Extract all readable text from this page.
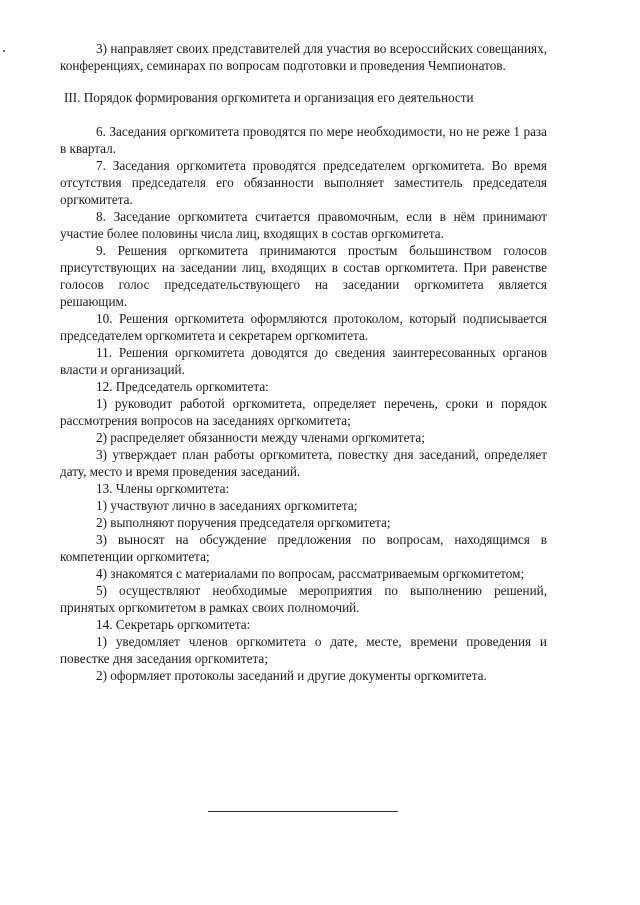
3) направляет своих представителей для участия во всероссийских совещаниях, конференциях, семинарах по вопросам подготовки и проведения Чемпионатов.

III. Порядок формирования оргкомитета и организация его деятельности

6. Заседания оргкомитета проводятся по мере необходимости, но не реже 1 раза в квартал.

7. Заседания оргкомитета проводятся председателем оргкомитета. Во время отсутствия председателя его обязанности выполняет заместитель председателя оргкомитета.

8. Заседание оргкомитета считается правомочным, если в нём принимают участие более половины числа лиц, входящих в состав оргкомитета.

9. Решения оргкомитета принимаются простым большинством голосов присутствующих на заседании лиц, входящих в состав оргкомитета. При равенстве голосов голос председательствующего на заседании оргкомитета является решающим.

10. Решения оргкомитета оформляются протоколом, который подписывается председателем оргкомитета и секретарем оргкомитета.

11. Решения оргкомитета доводятся до сведения заинтересованных органов власти и организаций.

12. Председатель оргкомитета:

1) руководит работой оргкомитета, определяет перечень, сроки и порядок рассмотрения вопросов на заседаниях оргкомитета;

2) распределяет обязанности между членами оргкомитета;

3) утверждает план работы оргкомитета, повестку дня заседаний, определяет дату, место и время проведения заседаний.

13. Члены оргкомитета:

1) участвуют лично в заседаниях оргкомитета;

2) выполняют поручения председателя оргкомитета;

3) выносят на обсуждение предложения по вопросам, находящимся в компетенции оргкомитета;

4) знакомятся с материалами по вопросам, рассматриваемым оргкомитетом;

5) осуществляют необходимые мероприятия по выполнению решений, принятых оргкомитетом в рамках своих полномочий.

14. Секретарь оргкомитета:

1) уведомляет членов оргкомитета о дате, месте, времени проведения и повестке дня заседания оргкомитета;

2) оформляет протоколы заседаний и другие документы оргкомитета.
